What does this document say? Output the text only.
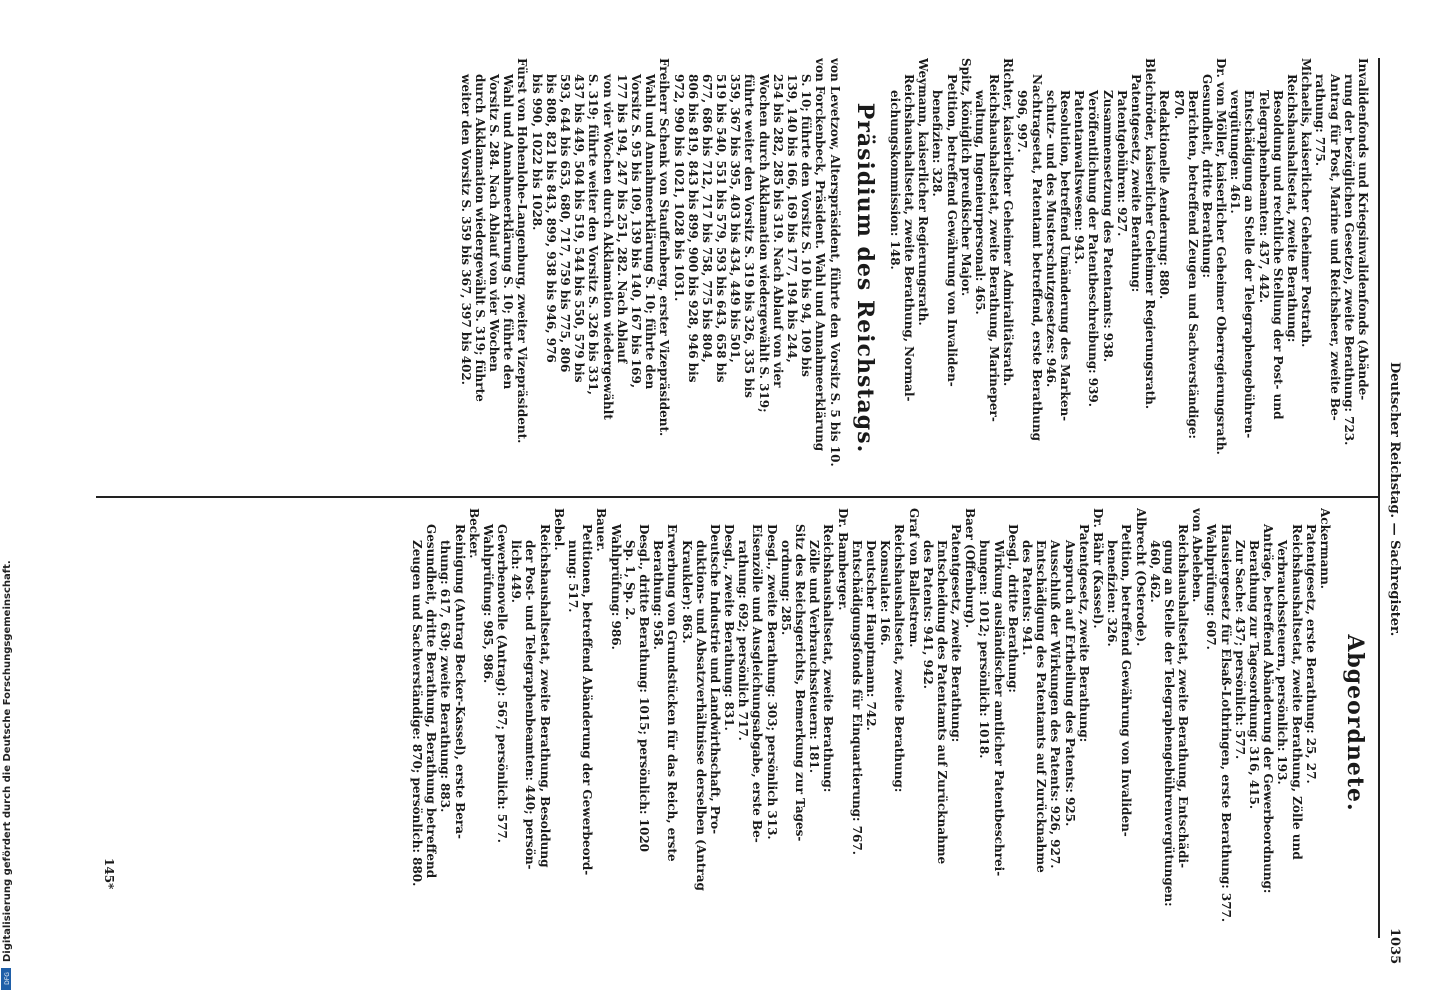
Deutscher Reichstag. — Sachregister.
1035
Invalidenfonds und Kriegsinvalidenfonds (Abände-
rung der bezüglichen Gesetze), zweite Berathung: 723.
Antrag für Post, Marine und Reichsheer, zweite Be-
rathung: 775.
Michaelis, kaiserlicher Geheimer Postrath.
Reichshaushaltsetat, zweite Berathung:
Besoldung und rechtliche Stellung der Post- und
Telegraphenbeamten: 437, 442.
Entschädigung an Stelle der Telegraphengebühren-
vergütungen: 461.
Dr. von Möller, kaiserlicher Geheimer Oberregierungsrath.
Gesundheit, dritte Berathung:
Berichten, betreffend Zeugen und Sachverständige:
870.
Redaktionelle Aenderung: 880.
Bleichröder, kaiserlicher Geheimer Regierungsrath.
Patentgesetz, zweite Berathung:
Patentgebühren: 927.
Zusammensetzung des Patentamts: 938.
Veröffentlichung der Patentbeschreibung: 939.
Patentanwaltswesen: 943.
Resolution, betreffend Umänderung des Marken-
schutz- und des Musterschutzgesetzes: 946.
Nachtragsetat, Patentamt betreffend, erste Berathung
996, 997.
Richter, kaiserlicher Geheimer Admiralitätsrath.
Reichshaushaltsetat, zweite Berathung, Marineper-
waltung, Ingenieurpersonal: 465.
Spitz, königlich preußischer Major.
Petition, betreffend Gewährung von Invaliden-
benefizien: 328.
Weymann, kaiserlicher Regierungsrath.
Reichshaushaltsetat, zweite Berathung, Normal-
eichungskommission: 148.
Präsidium des Reichstags.
von Levetzow, Alterspräsident, führte den Vorsitz S. 5 bis 10.
von Forckenbeck, Präsident. Wahl und Annahmeerklärung
S. 10; führte den Vorsitz S. 10 bis 94, 109 bis
139, 140 bis 166, 169 bis 177, 194 bis 244,
254 bis 282, 285 bis 319. Nach Ablauf von vier
Wochen durch Akklamation wiedergewählt S. 319;
führte weiter den Vorsitz S. 319 bis 326, 335 bis
359, 367 bis 395, 403 bis 434, 449 bis 501,
519 bis 540, 551 bis 579, 593 bis 643, 658 bis
677, 686 bis 712, 717 bis 758, 775 bis 804,
806 bis 819, 843 bis 899, 900 bis 928, 946 bis
972, 990 bis 1021, 1028 bis 1031.
Freiherr Schenk von Stauffenberg, erster Vizepräsident.
Wahl und Annahmeerklärung S. 10; führte den
Vorsitz S. 95 bis 109, 139 bis 140, 167 bis 169,
177 bis 194, 247 bis 251, 282. Nach Ablauf
von vier Wochen durch Akklamation wiedergewählt
S. 319; führte weiter den Vorsitz S. 326 bis 331,
437 bis 449, 504 bis 519, 544 bis 550, 579 bis
593, 644 bis 653, 680, 717, 759 bis 775, 806
bis 808, 821 bis 843, 899, 938 bis 946, 976
bis 990, 1022 bis 1028.
Fürst von Hohenlohe-Langenburg, zweiter Vizepräsident.
Wahl und Annahmeerklärung S. 10; führte den
Vorsitz S. 284. Nach Ablauf von vier Wochen
durch Akklamation wiedergewählt S. 319; führte
weiter den Vorsitz S. 359 bis 367, 397 bis 402.
Abgeordnete.
Ackermann.
Patentgesetz, erste Berathung: 25, 27.
Reichshaushaltsetat, zweite Berathung, Zölle und
Verbrauchssteuern, persönlich: 193.
Anträge, betreffend Abänderung der Gewerbeordnung:
Berathung zur Tagesordnung: 316, 415.
Zur Sache: 437; persönlich: 577.
Hausiergesetz für Elsaß-Lothringen, erste Berathung: 377.
Wahlprüfung: 607.
von Abeleben.
Reichshaushaltsetat, zweite Berathung, Entschädi-
gung an Stelle der Telegraphengebührenvergütungen:
460, 462.
Albrecht (Osterode).
Petition, betreffend Gewährung von Invaliden-
benefizien: 326.
Dr. Bähr (Kassel).
Patentgesetz, zweite Berathung:
Anspruch auf Ertheilung des Patents: 925.
Ausschluß der Wirkungen des Patents: 926, 927.
Entschädigung des Patentamts auf Zurücknahme
des Patents: 941.
Desgl., dritte Berathung:
Wirkung ausländischer amtlicher Patentbeschrei-
bungen: 1012; persönlich: 1018.
Baer (Offenburg).
Patentgesetz, zweite Berathung:
Entscheidung des Patentamts auf Zurücknahme
des Patents: 941, 942.
Graf von Ballestrem.
Reichshaushaltsetat, zweite Berathung:
Konsulate: 166.
Deutscher Hauptmann: 742.
Entschädigungsfonds für Einquartierung: 767.
Dr. Bamberger.
Reichshaushaltsetat, zweite Berathung:
Zölle und Verbrauchssteuern: 181.
Sitz des Reichsgerichts, Bemerkung zur Tages-
ordnung: 285.
Desgl., zweite Berathung: 303; persönlich 313.
Eisenzölle und Ausgleichungsabgabe, erste Be-
rathung: 692; persönlich 717.
Desgl., zweite Berathung: 831.
Deutsche Industrie und Landwirthschaft, Pro-
duktions- und Absatzverhältnisse derselben (Antrag
Kraukler): 863.
Erwerbung von Grundstücken für das Reich, erste
Berathung: 958.
Desgl., dritte Berathung: 1015; persönlich: 1020
Sp. 1, Sp. 2.
Wahlprüfung: 986.
Bauer.
Petitionen, betreffend Abänderung der Gewerbeord-
nung: 517.
Bebel.
Reichshaushaltsetat, zweite Berathung, Besoldung
der Post- und Telegraphenbeamten: 440; persön-
lich: 449.
Gewerbenovelle (Antrag): 567; persönlich: 577.
Wahlprüfung: 985, 986.
Becker.
Reinigung (Antrag Becker-Kassel), erste Bera-
thung: 617, 630; zweite Berathung: 883.
Gesundheit, dritte Berathung, Berathung betreffend
Zeugen und Sachverständige: 870; persönlich: 880.
145*
Digitalisierung gefördert durch die Deutsche Forschungsgemeinschaft.
DFG
